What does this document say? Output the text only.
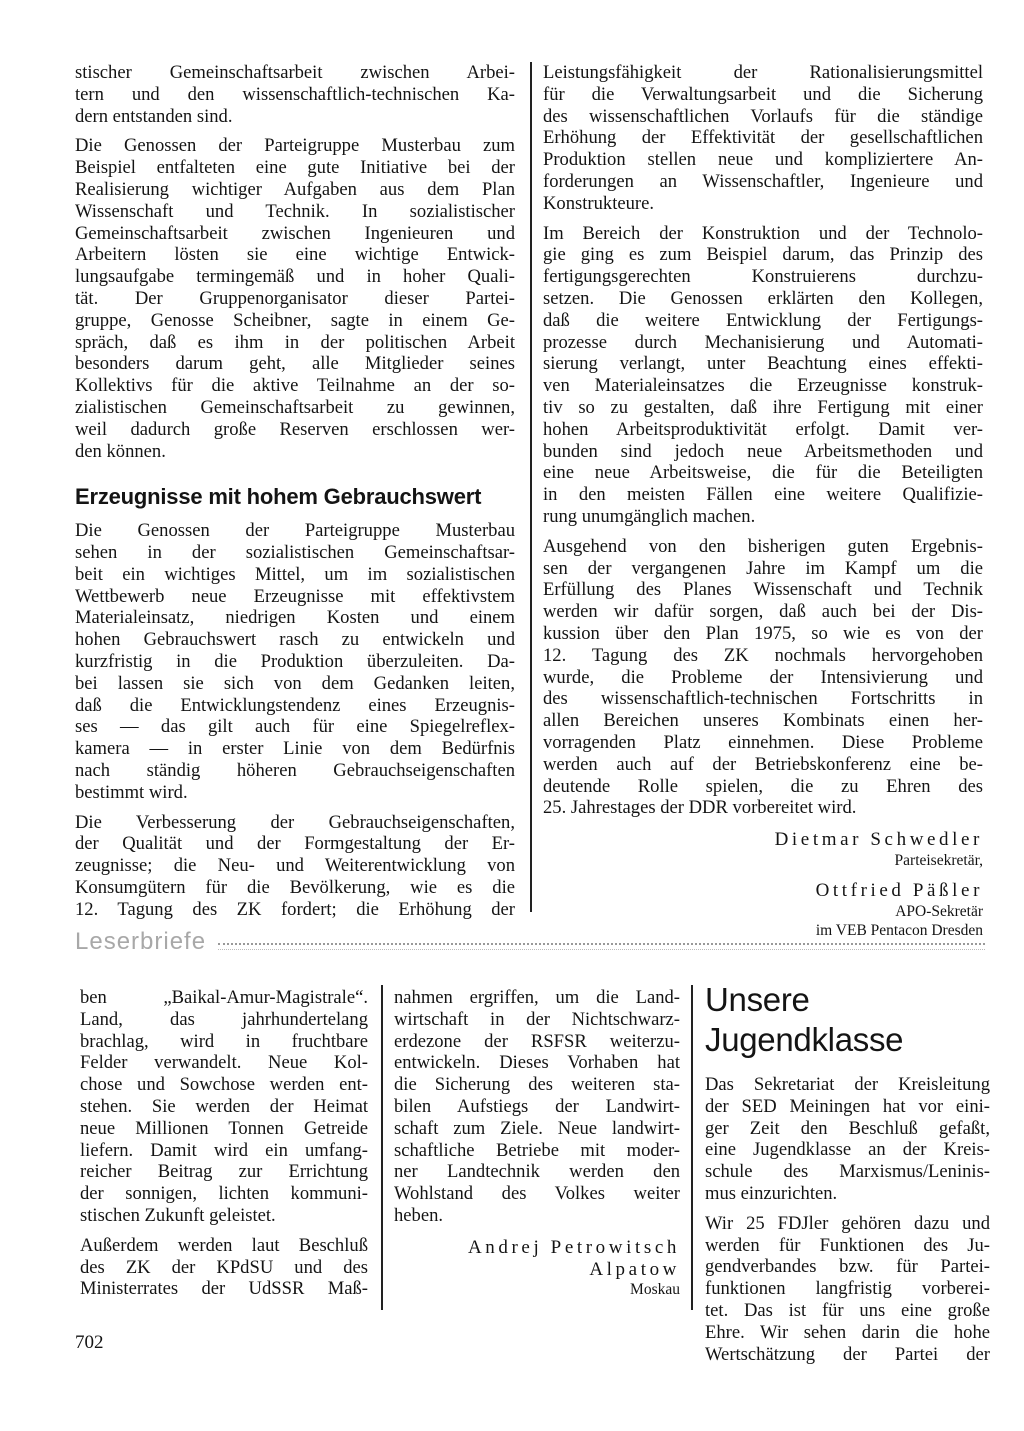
stischer Gemeinschaftsarbeit zwischen Arbei-
tern und den wissenschaftlich-technischen Ka-
dern entstanden sind.

Die Genossen der Parteigruppe Musterbau zum
Beispiel entfalteten eine gute Initiative bei der
Realisierung wichtiger Aufgaben aus dem Plan
Wissenschaft und Technik. In sozialistischer
Gemeinschaftsarbeit zwischen Ingenieuren und
Arbeitern lösten sie eine wichtige Entwick-
lungsaufgabe termingemäß und in hoher Quali-
tät. Der Gruppenorganisator dieser Partei-
gruppe, Genosse Scheibner, sagte in einem Ge-
spräch, daß es ihm in der politischen Arbeit
besonders darum geht, alle Mitglieder seines
Kollektivs für die aktive Teilnahme an der so-
zialistischen Gemeinschaftsarbeit zu gewinnen,
weil dadurch große Reserven erschlossen wer-
den können.

Erzeugnisse mit hohem Gebrauchswert

Die Genossen der Parteigruppe Musterbau
sehen in der sozialistischen Gemeinschaftsar-
beit ein wichtiges Mittel, um im sozialistischen
Wettbewerb neue Erzeugnisse mit effektivstem
Materialeinsatz, niedrigen Kosten und einem
hohen Gebrauchswert rasch zu entwickeln und
kurzfristig in die Produktion überzuleiten. Da-
bei lassen sie sich von dem Gedanken leiten,
daß die Entwicklungstendenz eines Erzeugnis-
ses — das gilt auch für eine Spiegelreflex-
kamera — in erster Linie von dem Bedürfnis
nach ständig höheren Gebrauchseigenschaften
bestimmt wird.

Die Verbesserung der Gebrauchseigenschaften,
der Qualität und der Formgestaltung der Er-
zeugnisse; die Neu- und Weiterentwicklung von
Konsumgütern für die Bevölkerung, wie es die
12. Tagung des ZK fordert; die Erhöhung der

Leistungsfähigkeit der Rationalisierungsmittel
für die Verwaltungsarbeit und die Sicherung
des wissenschaftlichen Vorlaufs für die ständige
Erhöhung der Effektivität der gesellschaftlichen
Produktion stellen neue und kompliziertere An-
forderungen an Wissenschaftler, Ingenieure und
Konstrukteure.

Im Bereich der Konstruktion und der Technolo-
gie ging es zum Beispiel darum, das Prinzip des
fertigungsgerechten Konstruierens durchzu-
setzen. Die Genossen erklärten den Kollegen,
daß die weitere Entwicklung der Fertigungs-
prozesse durch Mechanisierung und Automati-
sierung verlangt, unter Beachtung eines effekti-
ven Materialeinsatzes die Erzeugnisse konstruk-
tiv so zu gestalten, daß ihre Fertigung mit einer
hohen Arbeitsproduktivität erfolgt. Damit ver-
bunden sind jedoch neue Arbeitsmethoden und
eine neue Arbeitsweise, die für die Beteiligten
in den meisten Fällen eine weitere Qualifizie-
rung unumgänglich machen.

Ausgehend von den bisherigen guten Ergebnis-
sen der vergangenen Jahre im Kampf um die
Erfüllung des Planes Wissenschaft und Technik
werden wir dafür sorgen, daß auch bei der Dis-
kussion über den Plan 1975, so wie es von der
12. Tagung des ZK nochmals hervorgehoben
wurde, die Probleme der Intensivierung und
des wissenschaftlich-technischen Fortschritts in
allen Bereichen unseres Kombinats einen her-
vorragenden Platz einnehmen. Diese Probleme
werden auch auf der Betriebskonferenz eine be-
deutende Rolle spielen, die zu Ehren des
25. Jahrestages der DDR vorbereitet wird.

Dietmar Schwedler
Parteisekretär,
Ottfried Päßler
APO-Sekretär
im VEB Pentacon Dresden
Leserbriefe

ben „Baikal-Amur-Magistrale“.
Land, das jahrhundertelang
brachlag, wird in fruchtbare
Felder verwandelt. Neue Kol-
chose und Sowchose werden ent-
stehen. Sie werden der Heimat
neue Millionen Tonnen Getreide
liefern. Damit wird ein umfang-
reicher Beitrag zur Errichtung
der sonnigen, lichten kommuni-
stischen Zukunft geleistet.

Außerdem werden laut Beschluß
des ZK der KPdSU und des
Ministerrates der UdSSR Maß-

nahmen ergriffen, um die Land-
wirtschaft in der Nichtschwarz-
erdezone der RSFSR weiterzu-
entwickeln. Dieses Vorhaben hat
die Sicherung des weiteren sta-
bilen Aufstiegs der Landwirt-
schaft zum Ziele. Neue landwirt-
schaftliche Betriebe mit moder-
ner Landtechnik werden den
Wohlstand des Volkes weiter
heben.

Andrej Petrowitsch
Alpatow
Moskau
Unsere Jugendklasse

Das Sekretariat der Kreisleitung
der SED Meiningen hat vor eini-
ger Zeit den Beschluß gefaßt,
eine Jugendklasse an der Kreis-
schule des Marxismus/Leninis-
mus einzurichten.

Wir 25 FDJler gehören dazu und
werden für Funktionen des Ju-
gendverbandes bzw. für Partei-
funktionen langfristig vorberei-
tet. Das ist für uns eine große
Ehre. Wir sehen darin die hohe
Wertschätzung der Partei der

702
